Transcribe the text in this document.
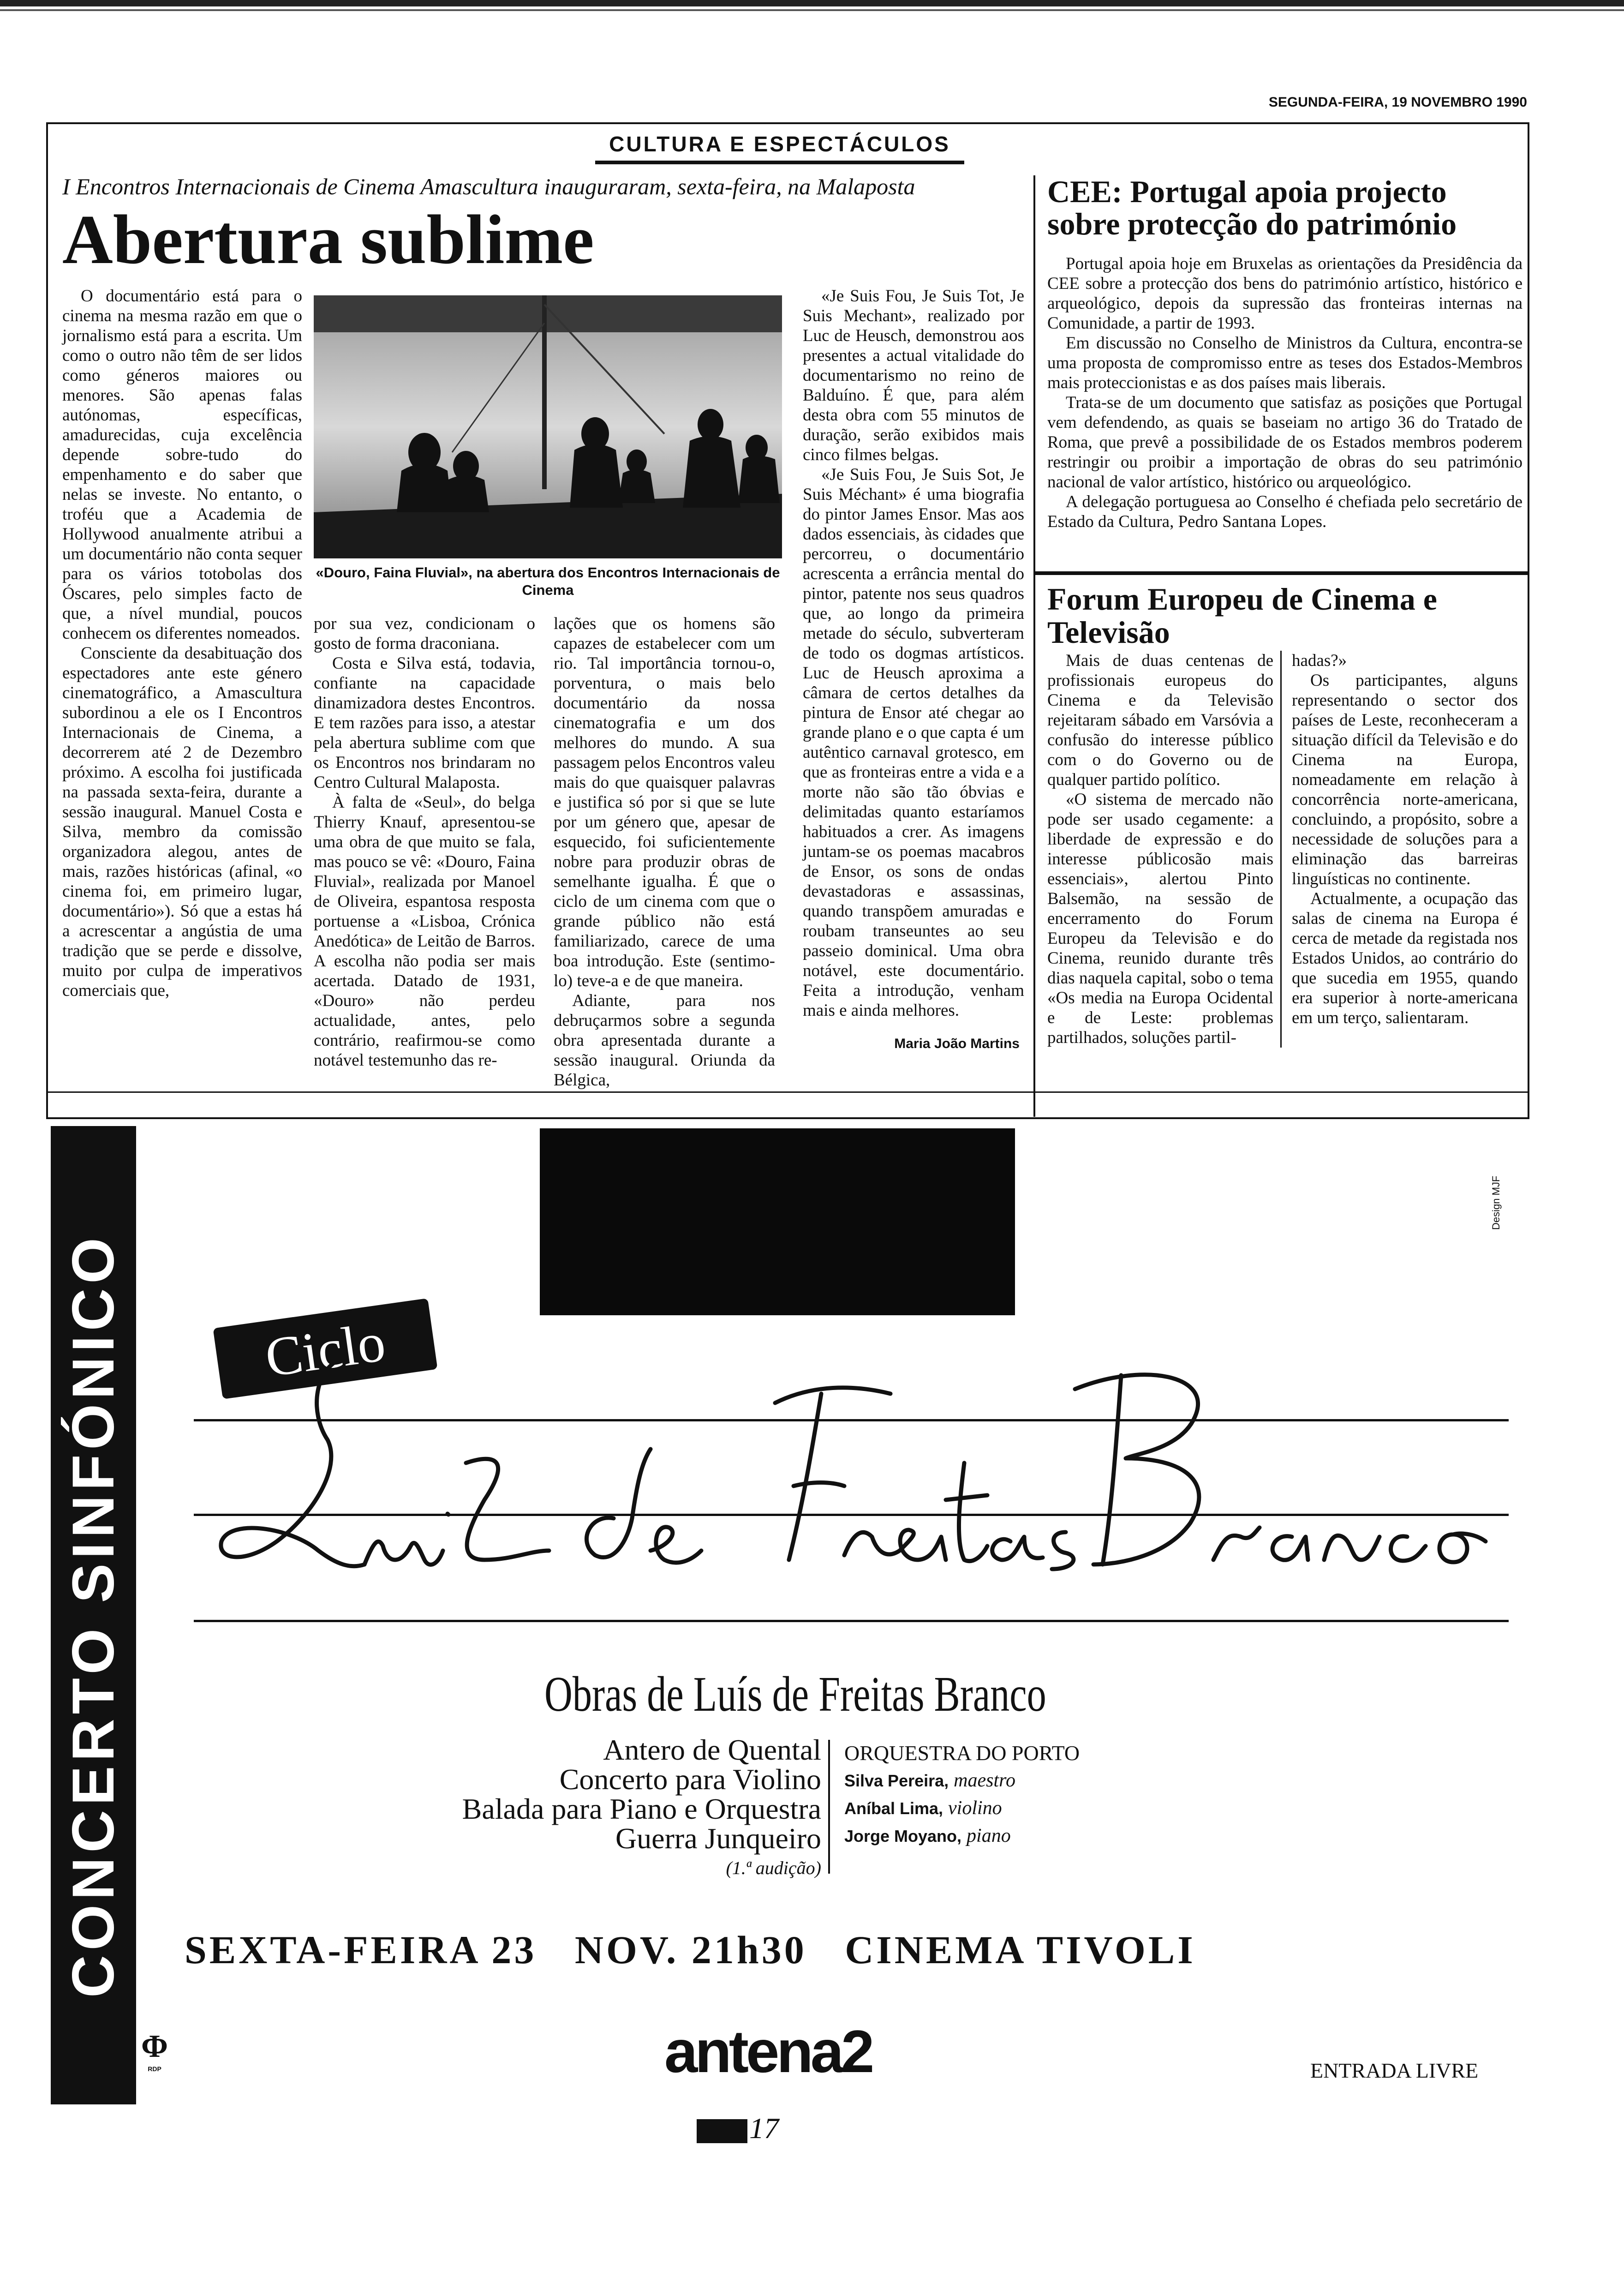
SEGUNDA-FEIRA, 19 NOVEMBRO 1990
CULTURA E ESPECTÁCULOS
I Encontros Internacionais de Cinema Amascultura inauguraram, sexta-feira, na Malaposta
Abertura sublime

O documentário está para o cinema na mesma razão em que o jornalismo está para a escrita. Um como o outro não têm de ser lidos como géneros maiores ou menores. São apenas falas autónomas, específicas, amadurecidas, cuja excelência depende sobre-tudo do empenhamento e do saber que nelas se investe. No entanto, o troféu que a Academia de Hollywood anualmente atribui a um documentário não conta sequer para os vários totobolas dos Óscares, pelo simples facto de que, a nível mundial, poucos conhecem os diferentes nomeados.

Consciente da desabituação dos espectadores ante este género cinematográfico, a Amascultura subordinou a ele os I Encontros Internacionais de Cinema, a decorrerem até 2 de Dezembro próximo. A escolha foi justificada na passada sexta-feira, durante a sessão inaugural. Manuel Costa e Silva, membro da comissão organizadora alegou, antes de mais, razões históricas (afinal, «o cinema foi, em primeiro lugar, documentário»). Só que a estas há a acrescentar a angústia de uma tradição que se perde e dissolve, muito por culpa de imperativos comerciais que,

«Douro, Faina Fluvial», na abertura dos Encontros Internacionais de Cinema

por sua vez, condicionam o gosto de forma draconiana.

Costa e Silva está, todavia, confiante na capacidade dinamizadora destes Encontros. E tem razões para isso, a atestar pela abertura sublime com que os Encontros nos brindaram no Centro Cultural Malaposta.

À falta de «Seul», do belga Thierry Knauf, apresentou-se uma obra de que muito se fala, mas pouco se vê: «Douro, Faina Fluvial», realizada por Manoel de Oliveira, espantosa resposta portuense a «Lisboa, Crónica Anedótica» de Leitão de Barros. A escolha não podia ser mais acertada. Datado de 1931, «Douro» não perdeu actualidade, antes, pelo contrário, reafirmou-se como notável testemunho das re-

lações que os homens são capazes de estabelecer com um rio. Tal importância tornou-o, porventura, o mais belo documentário da nossa cinematografia e um dos melhores do mundo. A sua passagem pelos Encontros valeu mais do que quaisquer palavras e justifica só por si que se lute por um género que, apesar de esquecido, foi suficientemente nobre para produzir obras de semelhante igualha. É que o ciclo de um cinema com que o grande público não está familiarizado, carece de uma boa introdução. Este (sentimo-lo) teve-a e de que maneira.

Adiante, para nos debruçarmos sobre a segunda obra apresentada durante a sessão inaugural. Oriunda da Bélgica,

«Je Suis Fou, Je Suis Tot, Je Suis Mechant», realizado por Luc de Heusch, demonstrou aos presentes a actual vitalidade do documentarismo no reino de Balduíno. É que, para além desta obra com 55 minutos de duração, serão exibidos mais cinco filmes belgas.

«Je Suis Fou, Je Suis Sot, Je Suis Méchant» é uma biografia do pintor James Ensor. Mas aos dados essenciais, às cidades que percorreu, o documentário acrescenta a errância mental do pintor, patente nos seus quadros que, ao longo da primeira metade do século, subverteram de todo os dogmas artísticos. Luc de Heusch aproxima a câmara de certos detalhes da pintura de Ensor até chegar ao grande plano e o que capta é um autêntico carnaval grotesco, em que as fronteiras entre a vida e a morte não são tão óbvias e delimitadas quanto estaríamos habituados a crer. As imagens juntam-se os poemas macabros de Ensor, os sons de ondas devastadoras e assassinas, quando transpõem amuradas e roubam transeuntes ao seu passeio dominical. Uma obra notável, este documentário. Feita a introdução, venham mais e ainda melhores.

Maria João Martins
CEE: Portugal apoia projecto sobre protecção do património

Portugal apoia hoje em Bruxelas as orientações da Presidência da CEE sobre a protecção dos bens do património artístico, histórico e arqueológico, depois da supressão das fronteiras internas na Comunidade, a partir de 1993.

Em discussão no Conselho de Ministros da Cultura, encontra-se uma proposta de compromisso entre as teses dos Estados-Membros mais proteccionistas e as dos países mais liberais.

Trata-se de um documento que satisfaz as posições que Portugal vem defendendo, as quais se baseiam no artigo 36 do Tratado de Roma, que prevê a possibilidade de os Estados membros poderem restringir ou proibir a importação de obras do seu património nacional de valor artístico, histórico ou arqueológico.

A delegação portuguesa ao Conselho é chefiada pelo secretário de Estado da Cultura, Pedro Santana Lopes.

Forum Europeu de Cinema e Televisão

Mais de duas centenas de profissionais europeus do Cinema e da Televisão rejeitaram sábado em Varsóvia a confusão do interesse público com o do Governo ou de qualquer partido político.

«O sistema de mercado não pode ser usado cegamente: a liberdade de expressão e do interesse públicosão mais essenciais», alertou Pinto Balsemão, na sessão de encerramento do Forum Europeu da Televisão e do Cinema, reunido durante três dias naquela capital, sobo o tema «Os media na Europa Ocidental e de Leste: problemas partilhados, soluções partil-

hadas?»

Os participantes, alguns representando o sector dos países de Leste, reconheceram a situação difícil da Televisão e do Cinema na Europa, nomeadamente em relação à concorrência norte-americana, concluindo, a propósito, sobre a necessidade de soluções para a eliminação das barreiras linguísticas no continente.

Actualmente, a ocupação das salas de cinema na Europa é cerca de metade da registada nos Estados Unidos, ao contrário do que sucedia em 1955, quando era superior à norte-americana em um terço, salientaram.

CONCERTO SINFÓNICO
Design MJF
Ciclo
Obras de Luís de Freitas Branco
Antero de Quental
Concerto para Violino
Balada para Piano e Orquestra
Guerra Junqueiro
(1.ª audição)
ORQUESTRA DO PORTO
Silva Pereira, maestro
Aníbal Lima, violino
Jorge Moyano, piano
SEXTA-FEIRA 23   NOV. 21h30   CINEMA TIVOLI
Φ
RDP	antena2	ENTRADA LIVRE
17
